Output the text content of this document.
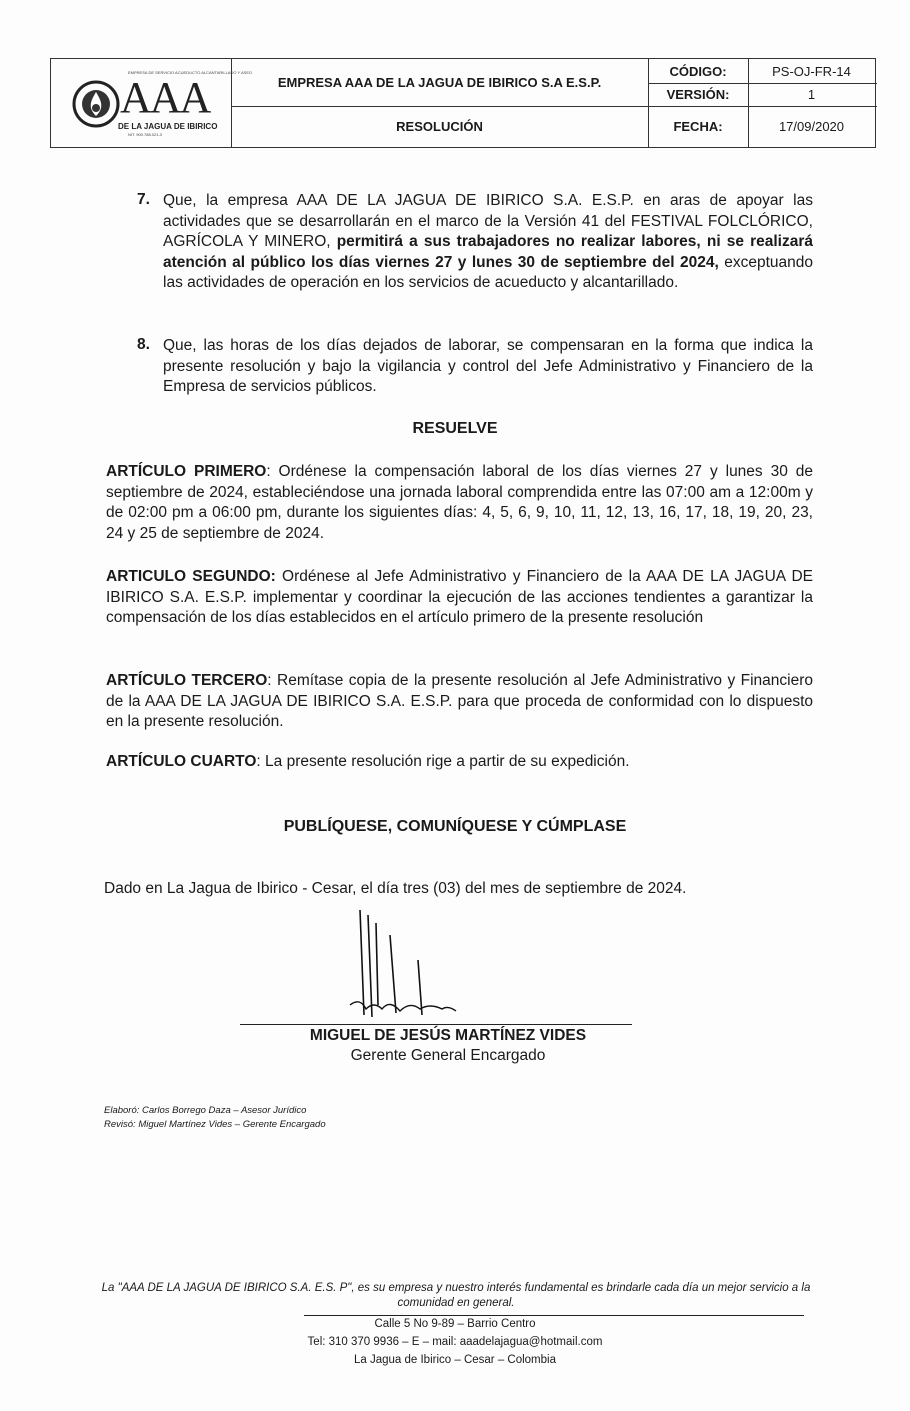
EMPRESA AAA DE LA JAGUA DE IBIRICO S.A E.S.P.
RESOLUCIÓN
CÓDIGO:	PS-OJ-FR-14
VERSIÓN:	1
FECHA:	17/09/2020
EMPRESA DE SERVICIO ACUEDUCTO ALCANTARILLADO Y ASEO
AAA
DE LA JAGUA DE IBIRICO
NIT. 900.788.021-3
7. Que, la empresa AAA DE LA JAGUA DE IBIRICO S.A. E.S.P. en aras de apoyar las actividades que se desarrollarán en el marco de la Versión 41 del FESTIVAL FOLCLÓRICO, AGRÍCOLA Y MINERO, permitirá a sus trabajadores no realizar labores, ni se realizará atención al público los días viernes 27 y lunes 30 de septiembre del 2024, exceptuando las actividades de operación en los servicios de acueducto y alcantarillado.
8. Que, las horas de los días dejados de laborar, se compensaran en la forma que indica la presente resolución y bajo la vigilancia y control del Jefe Administrativo y Financiero de la Empresa de servicios públicos.
RESUELVE
ARTÍCULO PRIMERO: Ordénese la compensación laboral de los días viernes 27 y lunes 30 de septiembre de 2024, estableciéndose una jornada laboral comprendida entre las 07:00 am a 12:00m y de 02:00 pm a 06:00 pm, durante los siguientes días: 4, 5, 6, 9, 10, 11, 12, 13, 16, 17, 18, 19, 20, 23, 24 y 25 de septiembre de 2024.
ARTICULO SEGUNDO: Ordénese al Jefe Administrativo y Financiero de la AAA DE LA JAGUA DE IBIRICO S.A. E.S.P. implementar y coordinar la ejecución de las acciones tendientes a garantizar la compensación de los días establecidos en el artículo primero de la presente resolución
ARTÍCULO TERCERO: Remítase copia de la presente resolución al Jefe Administrativo y Financiero de la AAA DE LA JAGUA DE IBIRICO S.A. E.S.P. para que proceda de conformidad con lo dispuesto en la presente resolución.
ARTÍCULO CUARTO: La presente resolución rige a partir de su expedición.
PUBLÍQUESE, COMUNÍQUESE Y CÚMPLASE
Dado en La Jagua de Ibirico - Cesar, el día tres (03) del mes de septiembre de 2024.
MIGUEL DE JESÚS MARTÍNEZ VIDES
Gerente General Encargado
Elaboró: Carlos Borrego Daza – Asesor Jurídico
Revisó: Miguel Martínez Vides – Gerente Encargado
La "AAA DE LA JAGUA DE IBIRICO S.A. E.S. P", es su empresa y nuestro interés fundamental es brindarle cada día un mejor servicio a la comunidad en general.
Calle 5 No 9-89 – Barrio Centro
Tel: 310 370 9936 – E – mail: aaadelajagua@hotmail.com
La Jagua de Ibirico – Cesar – Colombia
